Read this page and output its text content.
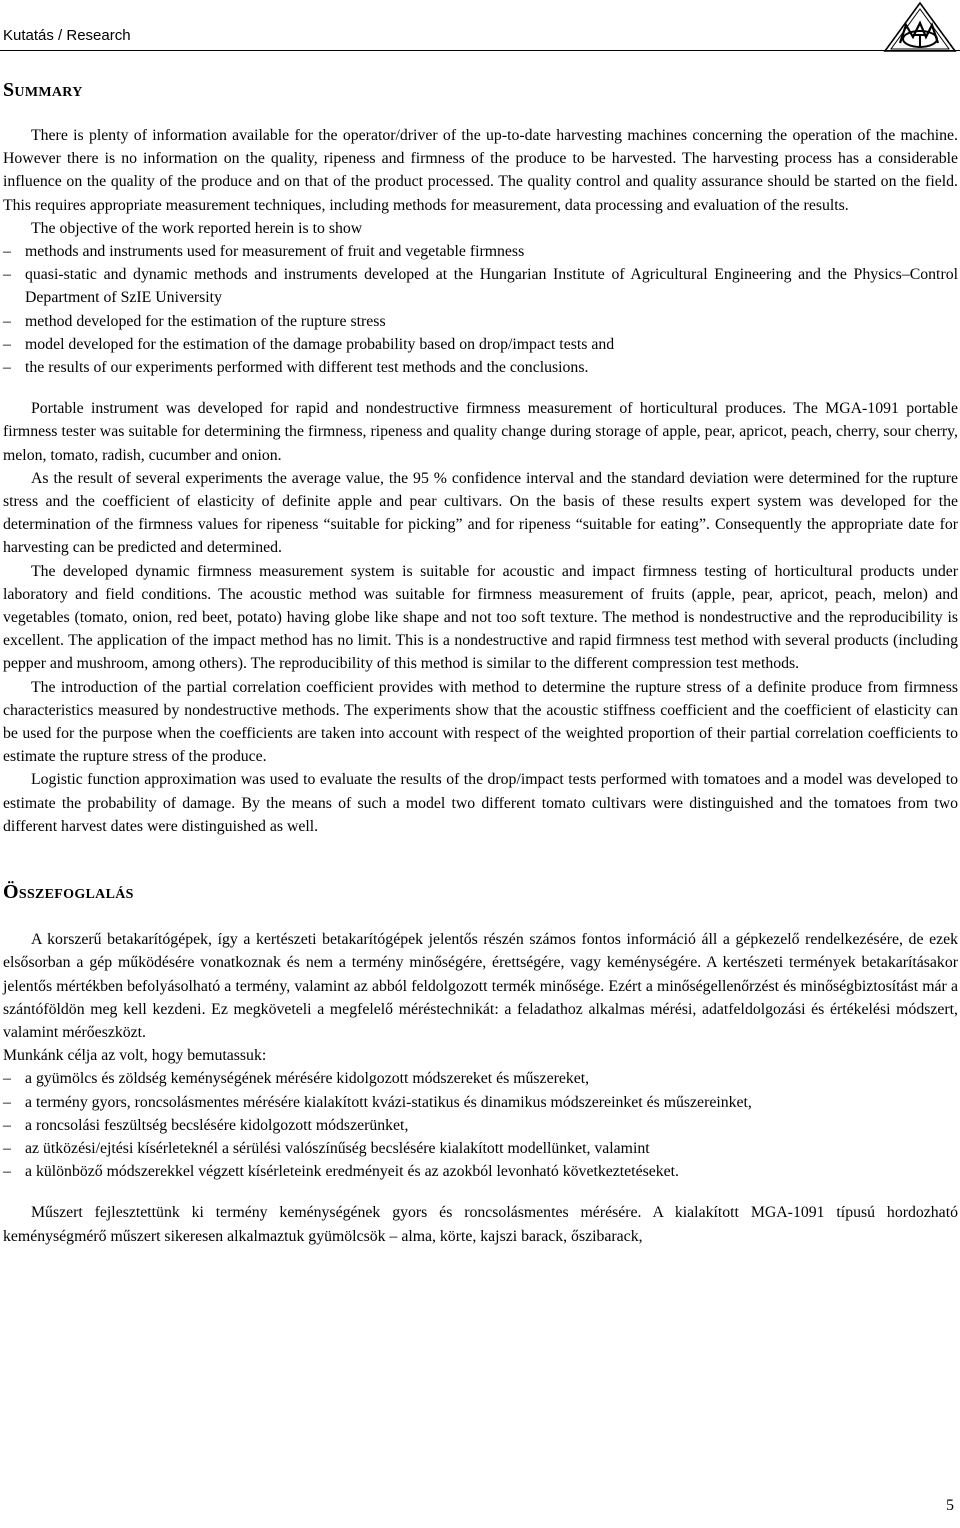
Kutatás / Research
Summary

There is plenty of information available for the operator/driver of the up-to-date harvesting machines concerning the operation of the machine. However there is no information on the quality, ripeness and firmness of the produce to be harvested. The harvesting process has a considerable influence on the quality of the produce and on that of the product processed. The quality control and quality assurance should be started on the field. This requires appropriate measurement techniques, including methods for measurement, data processing and evaluation of the results.

The objective of the work reported herein is to show

– methods and instruments used for measurement of fruit and vegetable firmness
– quasi-static and dynamic methods and instruments developed at the Hungarian Institute of Agricultural Engineering and the Physics–Control Department of SzIE University
– method developed for the estimation of the rupture stress
– model developed for the estimation of the damage probability based on drop/impact tests and
– the results of our experiments performed with different test methods and the conclusions.

Portable instrument was developed for rapid and nondestructive firmness measurement of horticultural produces. The MGA-1091 portable firmness tester was suitable for determining the firmness, ripeness and quality change during storage of apple, pear, apricot, peach, cherry, sour cherry, melon, tomato, radish, cucumber and onion.

As the result of several experiments the average value, the 95 % confidence interval and the standard deviation were determined for the rupture stress and the coefficient of elasticity of definite apple and pear cultivars. On the basis of these results expert system was developed for the determination of the firmness values for ripeness “suitable for picking” and for ripeness “suitable for eating”. Consequently the appropriate date for harvesting can be predicted and determined.

The developed dynamic firmness measurement system is suitable for acoustic and impact firmness testing of horticultural products under laboratory and field conditions. The acoustic method was suitable for firmness measurement of fruits (apple, pear, apricot, peach, melon) and vegetables (tomato, onion, red beet, potato) having globe like shape and not too soft texture. The method is nondestructive and the reproducibility is excellent. The application of the impact method has no limit. This is a nondestructive and rapid firmness test method with several products (including pepper and mushroom, among others). The reproducibility of this method is similar to the different compression test methods.

The introduction of the partial correlation coefficient provides with method to determine the rupture stress of a definite produce from firmness characteristics measured by nondestructive methods. The experiments show that the acoustic stiffness coefficient and the coefficient of elasticity can be used for the purpose when the coefficients are taken into account with respect of the weighted proportion of their partial correlation coefficients to estimate the rupture stress of the produce.

Logistic function approximation was used to evaluate the results of the drop/impact tests performed with tomatoes and a model was developed to estimate the probability of damage. By the means of such a model two different tomato cultivars were distinguished and the tomatoes from two different harvest dates were distinguished as well.

Összefoglalás

A korszerű betakarítógépek, így a kertészeti betakarítógépek jelentős részén számos fontos információ áll a gépkezelő rendelkezésére, de ezek elsősorban a gép működésére vonatkoznak és nem a termény minőségére, érettségére, vagy keménységére. A kertészeti termények betakarításakor jelentős mértékben befolyásolható a termény, valamint az abból feldolgozott termék minősége. Ezért a minőségellenőrzést és minőségbiztosítást már a szántóföldön meg kell kezdeni. Ez megköveteli a megfelelő méréstechnikát: a feladathoz alkalmas mérési, adatfeldolgozási és értékelési módszert, valamint mérőeszközt.

Munkánk célja az volt, hogy bemutassuk:

– a gyümölcs és zöldség keménységének mérésére kidolgozott módszereket és műszereket,
– a termény gyors, roncsolásmentes mérésére kialakított kvázi-statikus és dinamikus módszereinket és műszereinket,
– a roncsolási feszültség becslésére kidolgozott módszerünket,
– az ütközési/ejtési kísérleteknél a sérülési valószínűség becslésére kialakított modellünket, valamint
– a különböző módszerekkel végzett kísérleteink eredményeit és az azokból levonható következtetéseket.

Műszert fejlesztettünk ki termény keménységének gyors és roncsolásmentes mérésére. A kialakított MGA-1091 típusú hordozható keménységmérő műszert sikeresen alkalmaztuk gyümölcsök – alma, körte, kajszi barack, őszibarack,

5
